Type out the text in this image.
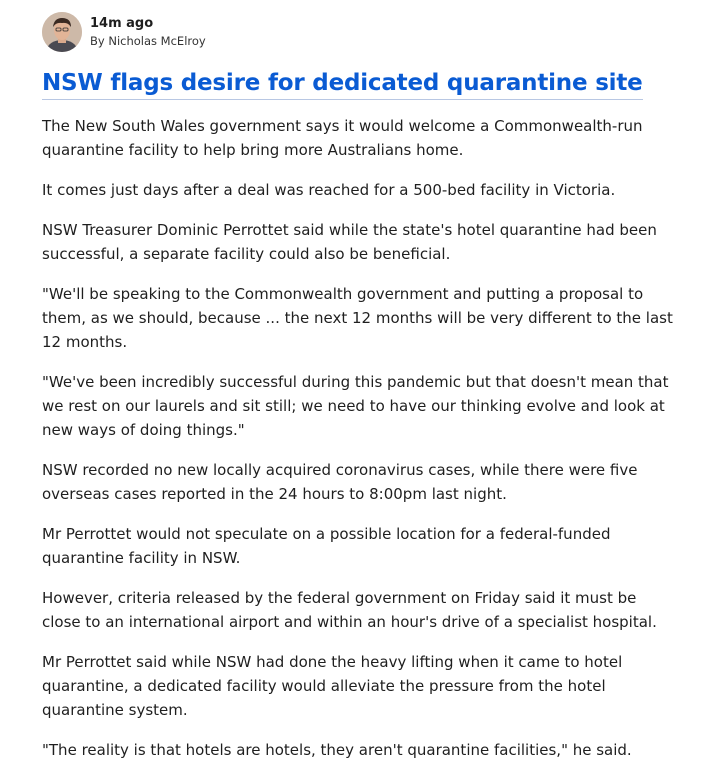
14m ago
By Nicholas McElroy
NSW flags desire for dedicated quarantine site

The New South Wales government says it would welcome a Commonwealth-run
quarantine facility to help bring more Australians home.

It comes just days after a deal was reached for a 500-bed facility in Victoria.

NSW Treasurer Dominic Perrottet said while the state's hotel quarantine had been
successful, a separate facility could also be beneficial.

"We'll be speaking to the Commonwealth government and putting a proposal to
them, as we should, because ... the next 12 months will be very different to the last
12 months.

"We've been incredibly successful during this pandemic but that doesn't mean that
we rest on our laurels and sit still; we need to have our thinking evolve and look at
new ways of doing things."

NSW recorded no new locally acquired coronavirus cases, while there were five
overseas cases reported in the 24 hours to 8:00pm last night.

Mr Perrottet would not speculate on a possible location for a federal-funded
quarantine facility in NSW.

However, criteria released by the federal government on Friday said it must be
close to an international airport and within an hour's drive of a specialist hospital.

Mr Perrottet said while NSW had done the heavy lifting when it came to hotel
quarantine, a dedicated facility would alleviate the pressure from the hotel
quarantine system.

"The reality is that hotels are hotels, they aren't quarantine facilities," he said.
